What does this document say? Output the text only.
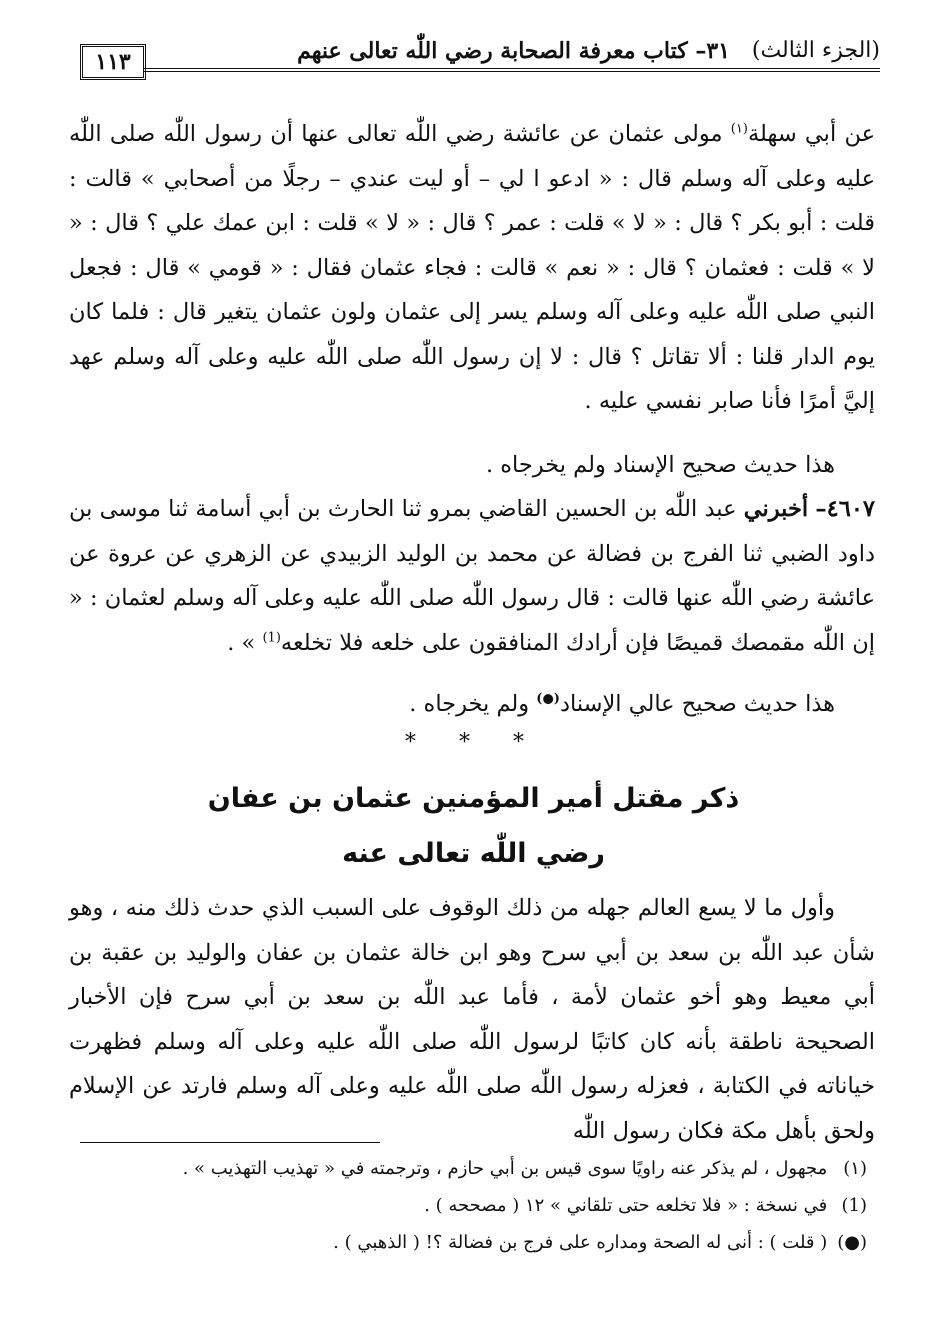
(الجزء الثالث)
٣١– كتاب معرفة الصحابة رضي اللّٰه تعالى عنهم
١١٣

عن أبي سهلة$^{(١)}$ مولى عثمان عن عائشة رضي اللّٰه تعالى عنها أن رسول اللّٰه صلى اللّٰه عليه وعلى آله وسلم قال : « ادعو ا لي – أو ليت عندي – رجلًا من أصحابي » قالت : قلت : أبو بكر ؟ قال : « لا » قلت : عمر ؟ قال : « لا » قلت : ابن عمك علي ؟ قال : « لا » قلت : فعثمان ؟ قال : « نعم » قالت : فجاء عثمان فقال : « قومي » قال : فجعل النبي صلى اللّٰه عليه وعلى آله وسلم يسر إلى عثمان ولون عثمان يتغير قال : فلما كان يوم الدار قلنا : ألا تقاتل ؟ قال : لا إن رسول اللّٰه صلى اللّٰه عليه وعلى آله وسلم عهد إليَّ أمرًا فأنا صابر نفسي عليه .

هذا حديث صحيح الإسناد ولم يخرجاه .

٤٦٠٧– أخبرني عبد اللّٰه بن الحسين القاضي بمرو ثنا الحارث بن أبي أسامة ثنا موسى بن داود الضبي ثنا الفرج بن فضالة عن محمد بن الوليد الزبيدي عن الزهري عن عروة عن عائشة رضي اللّٰه عنها قالت : قال رسول اللّٰه صلى اللّٰه عليه وعلى آله وسلم لعثمان : « إن اللّٰه مقمصك قميصًا فإن أرادك المنافقون على خلعه فلا تخلعه$^{(1)}$ » .

هذا حديث صحيح عالي الإسناد(●) ولم يخرجاه .

* * *
ذكر مقتل أمير المؤمنين عثمان بن عفان
رضي اللّٰه تعالى عنه

وأول ما لا يسع العالم جهله من ذلك الوقوف على السبب الذي حدث ذلك منه ، وهو شأن عبد اللّٰه بن سعد بن أبي سرح وهو ابن خالة عثمان بن عفان والوليد بن عقبة بن أبي معيط وهو أخو عثمان لأمة ، فأما عبد اللّٰه بن سعد بن أبي سرح فإن الأخبار الصحيحة ناطقة بأنه كان كاتبًا لرسول اللّٰه صلى اللّٰه عليه وعلى آله وسلم فظهرت خياناته في الكتابة ، فعزله رسول اللّٰه صلى اللّٰه عليه وعلى آله وسلم فارتد عن الإسلام ولحق بأهل مكة فكان رسول اللّٰه

(١) مجهول ، لم يذكر عنه راويًا سوى قيس بن أبي حازم ، وترجمته في « تهذيب التهذيب » .

(1) في نسخة : « فلا تخلعه حتى تلقاني » ١٢ ( مصححه ) .

(●) ( قلت ) : أنى له الصحة ومداره على فرج بن فضالة ؟! ( الذهبي ) .
